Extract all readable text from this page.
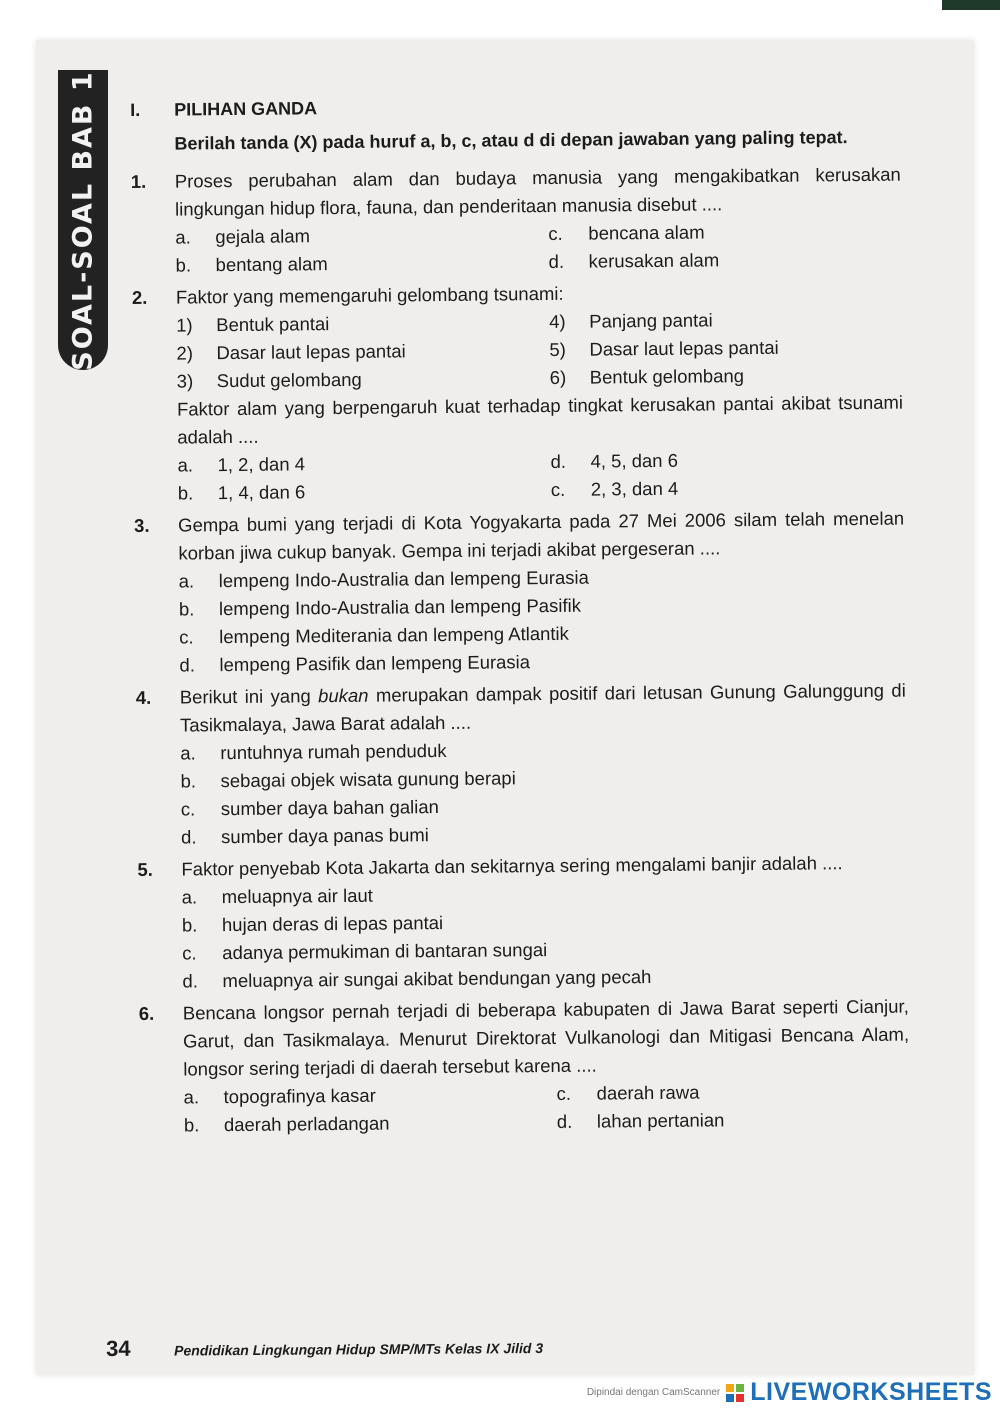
SOAL-SOAL BAB 1 I.	PILIHAN GANDA
Berilah tanda (X) pada huruf a, b, c, atau d di depan jawaban yang paling tepat.
1.	Proses perubahan alam dan budaya manusia yang mengakibatkan kerusakan lingkungan hidup flora, fauna, dan penderitaan manusia disebut ....
a.	gejala alam	c.	bencana alam
b.	bentang alam	d.	kerusakan alam
2.	Faktor yang memengaruhi gelombang tsunami:
1)	Bentuk pantai	4)	Panjang pantai
2)	Dasar laut lepas pantai	5)	Dasar laut lepas pantai
3)	Sudut gelombang	6)	Bentuk gelombang
Faktor alam yang berpengaruh kuat terhadap tingkat kerusakan pantai akibat tsunami adalah ....
a.	1, 2, dan 4	d.	4, 5, dan 6
b.	1, 4, dan 6	c.	2, 3, dan 4
3.	Gempa bumi yang terjadi di Kota Yogyakarta pada 27 Mei 2006 silam telah menelan korban jiwa cukup banyak. Gempa ini terjadi akibat pergeseran ....
a.	lempeng Indo-Australia dan lempeng Eurasia
b.	lempeng Indo-Australia dan lempeng Pasifik
c.	lempeng Mediterania dan lempeng Atlantik
d.	lempeng Pasifik dan lempeng Eurasia
4.	Berikut ini yang bukan merupakan dampak positif dari letusan Gunung Galunggung di Tasikmalaya, Jawa Barat adalah ....
a.	runtuhnya rumah penduduk
b.	sebagai objek wisata gunung berapi
c.	sumber daya bahan galian
d.	sumber daya panas bumi
5.	Faktor penyebab Kota Jakarta dan sekitarnya sering mengalami banjir adalah ....
a.	meluapnya air laut
b.	hujan deras di lepas pantai
c.	adanya permukiman di bantaran sungai
d.	meluapnya air sungai akibat bendungan yang pecah
6.	Bencana longsor pernah terjadi di beberapa kabupaten di Jawa Barat seperti Cianjur, Garut, dan Tasikmalaya. Menurut Direktorat Vulkanologi dan Mitigasi Bencana Alam, longsor sering terjadi di daerah tersebut karena ....
a.	topografinya kasar	c.	daerah rawa
b.	daerah perladangan	d.	lahan pertanian
34	Pendidikan Lingkungan Hidup SMP/MTs Kelas IX Jilid 3
Dipindai dengan CamScanner LIVEWORKSHEETS
